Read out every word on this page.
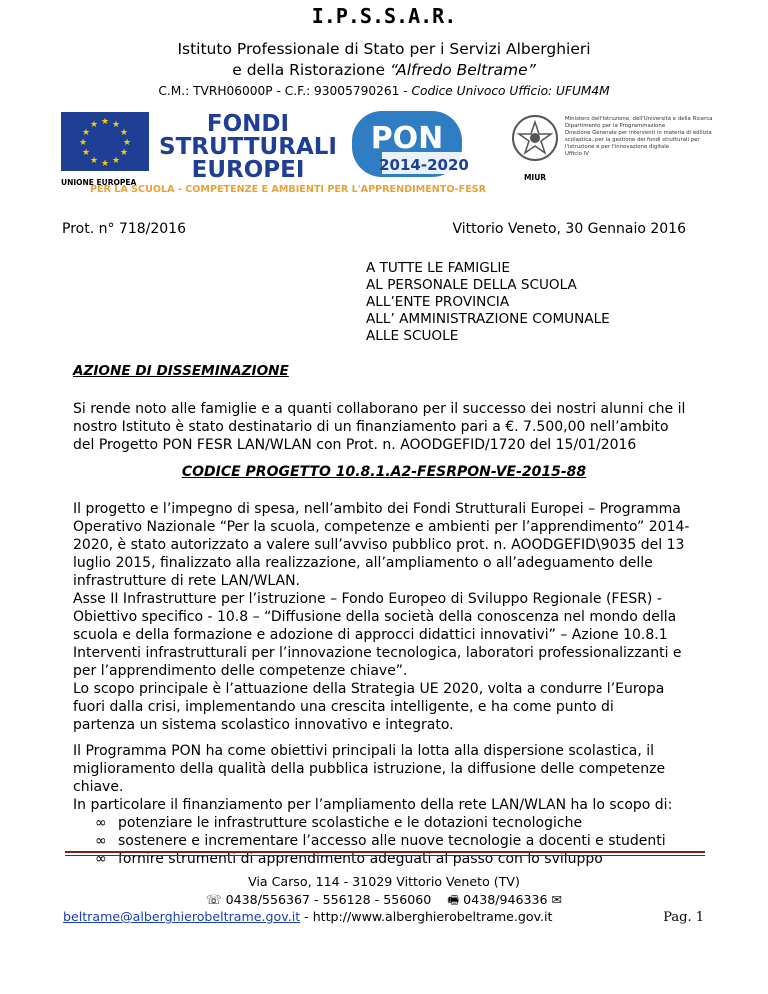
I.P.S.S.A.R.
Istituto Professionale di Stato per i Servizi Alberghieri
e della Ristorazione “Alfredo Beltrame”
C.M.: TVRH06000P - C.F.: 93005790261 - Codice Univoco Ufficio: UFUM4M
★ ★
★
★
★
★
★
★
★
★
★
★
UNIONE EUROPEA
FONDI
STRUTTURALI
EUROPEI
PON
2014-2020
PER LA SCUOLA - COMPETENZE E AMBIENTI PER L'APPRENDIMENTO-FESR
MIUR
Ministero dell'Istruzione, dell'Università e della Ricerca
Dipartimento per la Programmazione
Direzione Generale per interventi in materia di edilizia
scolastica, per la gestione dei fondi strutturali per
l'istruzione e per l'innovazione digitale
Ufficio IV
Prot. n° 718/2016	Vittorio Veneto, 30 Gennaio 2016
A TUTTE LE FAMIGLIE
AL PERSONALE DELLA SCUOLA
ALL’ENTE PROVINCIA
ALL’ AMMINISTRAZIONE COMUNALE
ALLE SCUOLE
AZIONE DI DISSEMINAZIONE
Si rende noto alle famiglie e a quanti collaborano per il successo dei nostri alunni che il
nostro Istituto è stato destinatario di un finanziamento pari a €. 7.500,00 nell’ambito
del Progetto PON FESR LAN/WLAN con Prot. n. AOODGEFID/1720 del 15/01/2016
CODICE PROGETTO 10.8.1.A2-FESRPON-VE-2015-88
Il progetto e l’impegno di spesa, nell’ambito dei Fondi Strutturali Europei – Programma
Operativo Nazionale “Per la scuola, competenze e ambienti per l’apprendimento” 2014-
2020, è stato autorizzato a valere sull’avviso pubblico prot. n. AOODGEFID\9035 del 13
luglio 2015, finalizzato alla realizzazione, all’ampliamento o all’adeguamento delle
infrastrutture di rete LAN/WLAN.
Asse II Infrastrutture per l’istruzione – Fondo Europeo di Sviluppo Regionale (FESR) -
Obiettivo specifico - 10.8 – “Diffusione della società della conoscenza nel mondo della
scuola e della formazione e adozione di approcci didattici innovativi” – Azione 10.8.1
Interventi infrastrutturali per l’innovazione tecnologica, laboratori professionalizzanti e
per l’apprendimento delle competenze chiave”.
Lo scopo principale è l’attuazione della Strategia UE 2020, volta a condurre l’Europa
fuori dalla crisi, implementando una crescita intelligente, e ha come punto di
partenza un sistema scolastico innovativo e integrato.
Il Programma PON ha come obiettivi principali la lotta alla dispersione scolastica, il
miglioramento della qualità della pubblica istruzione, la diffusione delle competenze
chiave.
In particolare il finanziamento per l’ampliamento della rete LAN/WLAN ha lo scopo di:
∞ potenziare le infrastrutture scolastiche e le dotazioni tecnologiche
∞ sostenere e incrementare l’accesso alle nuove tecnologie a docenti e studenti
∞ fornire strumenti di apprendimento adeguati al passo con lo sviluppo
Via Carso, 114 - 31029 Vittorio Veneto (TV)
☏ 0438/556367 - 556128 - 556060 🖷 0438/946336 ✉
beltrame@alberghierobeltrame.gov.it - http://www.alberghierobeltrame.gov.it	Pag. 1
